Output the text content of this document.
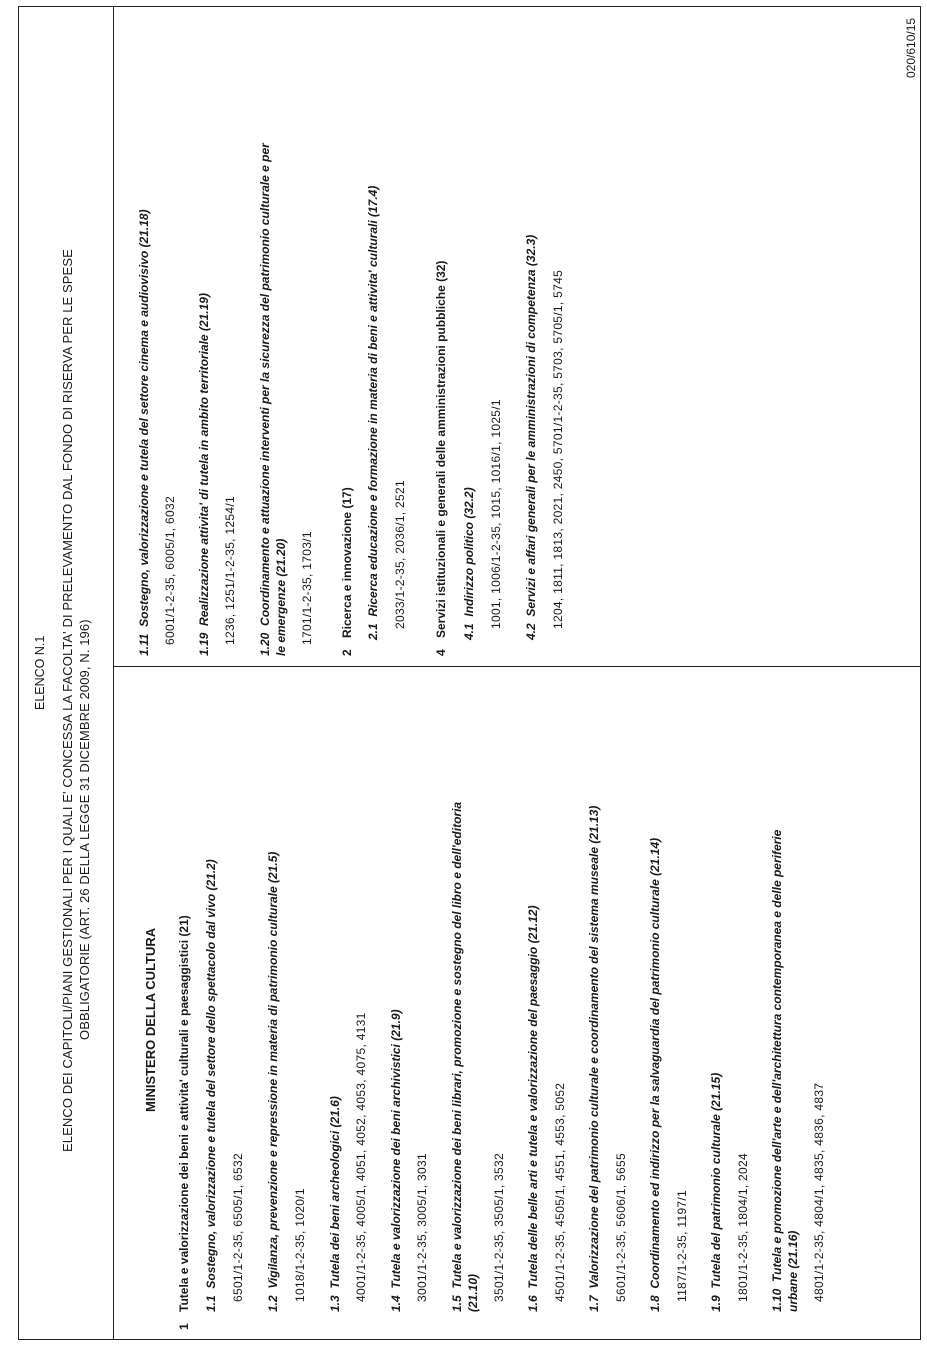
020/610/15
ELENCO N.1 ELENCO DEI CAPITOLI/PIANI GESTIONALI PER I QUALI E' CONCESSA LA FACOLTA' DI PRELEVAMENTO DAL FONDO DI RISERVA PER LE SPESE OBBLIGATORIE (ART. 26 DELLA LEGGE 31 DICEMBRE 2009, N. 196)	MINISTERO DELLA CULTURA
1Tutela e valorizzazione dei beni e attivita' culturali e paesaggistici (21) 1.1  Sostegno, valorizzazione e tutela del settore dello spettacolo dal vivo (21.2) 6501/1-2-35, 6505/1, 6532
1.2  Vigilanza, prevenzione e repressione in materia di patrimonio culturale (21.5) 1018/1-2-35, 1020/1
1.3  Tutela dei beni archeologici (21.6) 4001/1-2-35, 4005/1, 4051, 4052, 4053, 4075, 4131
1.4  Tutela e valorizzazione dei beni archivistici (21.9) 3001/1-2-35, 3005/1, 3031
1.5  Tutela e valorizzazione dei beni librari, promozione e sostegno del libro e dell'editoria
(21.10) 3501/1-2-35, 3505/1, 3532
1.6  Tutela delle belle arti e tutela e valorizzazione del paesaggio (21.12) 4501/1-2-35, 4505/1, 4551, 4553, 5052
1.7  Valorizzazione del patrimonio culturale e coordinamento del sistema museale (21.13) 5601/1-2-35, 5606/1, 5655
1.8  Coordinamento ed indirizzo per la salvaguardia del patrimonio culturale (21.14) 1187/1-2-35, 1197/1
1.9  Tutela del patrimonio culturale (21.15) 1801/1-2-35, 1804/1, 2024 1.10  Tutela e promozione dell'arte e dell'architettura contemporanea e delle periferie urbane (21.16) 4801/1-2-35, 4804/1, 4835, 4836, 4837
1.11  Sostegno, valorizzazione e tutela del settore cinema e audiovisivo (21.18) 6001/1-2-35, 6005/1, 6032 1.19  Realizzazione attivita' di tutela in ambito territoriale (21.19) 1236, 1251/1-2-35, 1254/1 1.20  Coordinamento e attuazione interventi per la sicurezza del patrimonio culturale e per le emergenze (21.20) 1701/1-2-35, 1703/1
2Ricerca e innovazione (17) 2.1  Ricerca educazione e formazione in materia di beni e attivita' culturali (17.4) 2033/1-2-35, 2036/1, 2521
4Servizi istituzionali e generali delle amministrazioni pubbliche (32) 4.1  Indirizzo politico (32.2) 1001, 1006/1-2-35, 1015, 1016/1, 1025/1
4.2  Servizi e affari generali per le amministrazioni di competenza (32.3) 1204, 1811, 1813, 2021, 2450, 5701/1-2-35, 5703, 5705/1, 5745
